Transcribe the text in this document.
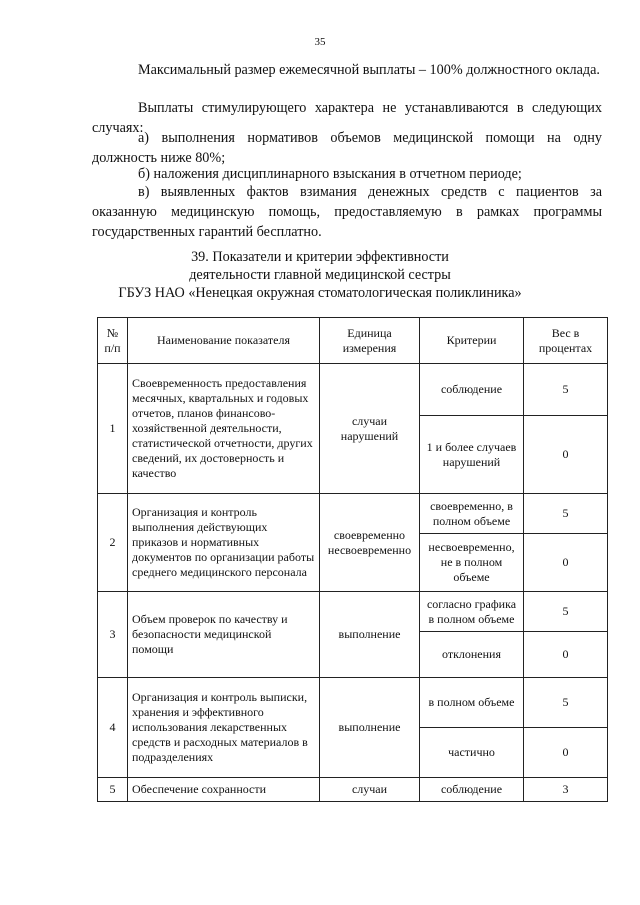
35

Максимальный размер ежемесячной выплаты – 100% должностного оклада.

Выплаты стимулирующего характера не устанавливаются в следующих случаях:

а) выполнения нормативов объемов медицинской помощи на одну должность ниже 80%;

б) наложения дисциплинарного взыскания в отчетном периоде;

в) выявленных фактов взимания денежных средств с пациентов за оказанную медицинскую помощь, предоставляемую в рамках программы государственных гарантий бесплатно.

39. Показатели и критерии эффективности
деятельности главной медицинской сестры
ГБУЗ НАО «Ненецкая окружная стоматологическая поликлиника»
№ п/п	Наименование показателя	Единица измерения	Критерии	Вес в процентах
1	Своевременность предоставления месячных, квартальных и годовых отчетов, планов финансово-хозяйственной деятельности, статистической отчетности, других сведений, их достоверность и качество	случаи нарушений	соблюдение	5
			1 и более случаев нарушений	0
2	Организация и контроль выполнения действующих приказов и нормативных документов по организации работы среднего медицинского персонала	своевременно несвоевременно	своевременно, в полном объеме	5
			несвоевременно, не в полном объеме	0
3	Объем проверок по качеству и безопасности медицинской помощи	выполнение	согласно графика в полном объеме	5
			отклонения	0
4	Организация и контроль выписки, хранения и эффективного использования лекарственных средств и расходных материалов в подразделениях	выполнение	в полном объеме	5
			частично	0
5	Обеспечение сохранности	случаи	соблюдение	3
